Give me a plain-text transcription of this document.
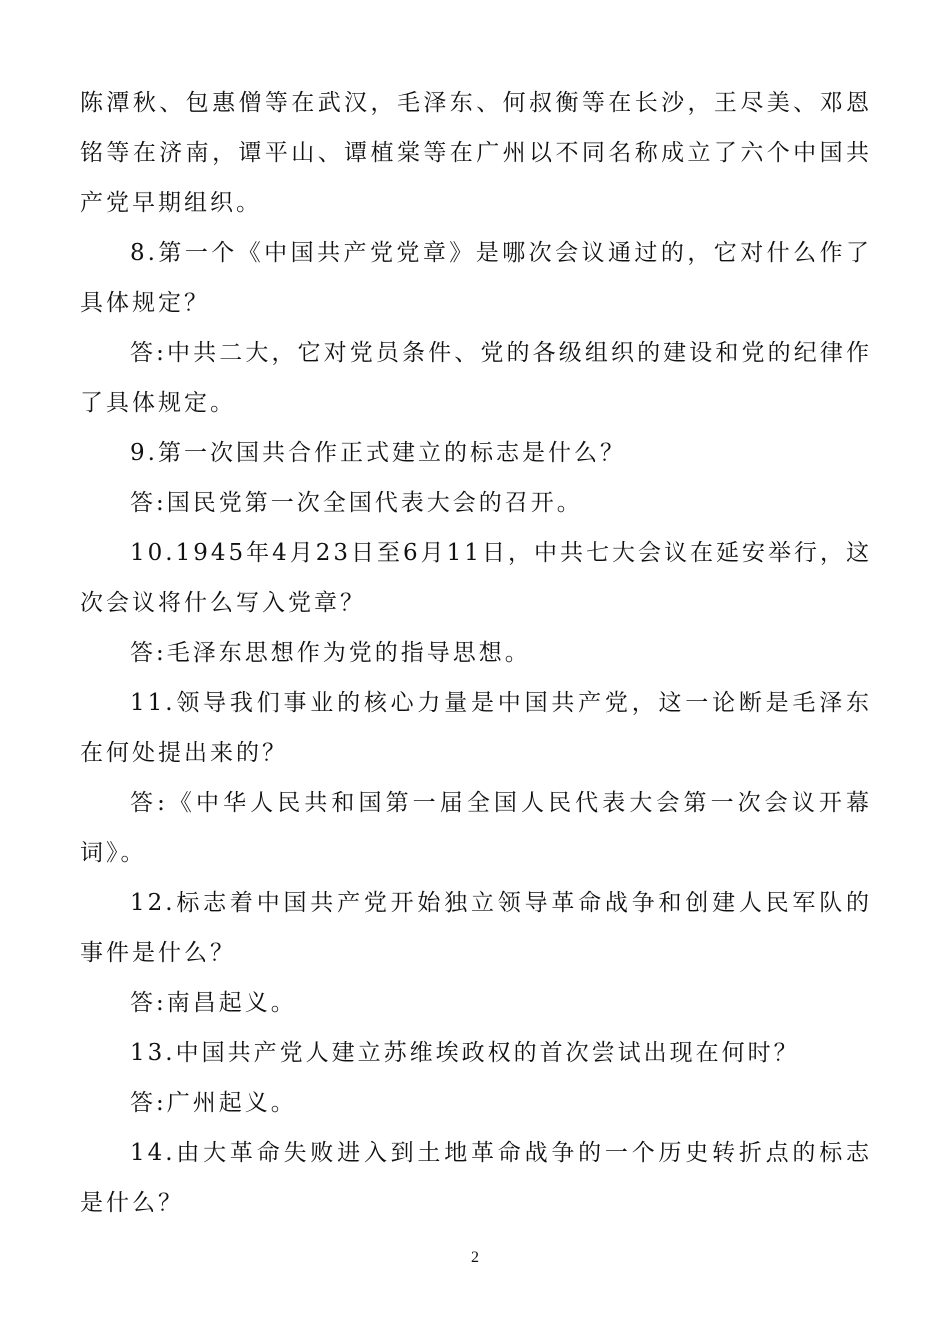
陈潭秋、包惠僧等在武汉，毛泽东、何叔衡等在长沙，王尽美、邓恩铭等在济南，谭平山、谭植棠等在广州以不同名称成立了六个中国共产党早期组织。

8.第一个《中国共产党党章》是哪次会议通过的，它对什么作了具体规定？

答:中共二大，它对党员条件、党的各级组织的建设和党的纪律作了具体规定。

9.第一次国共合作正式建立的标志是什么？

答:国民党第一次全国代表大会的召开。

10.1945年4月23日至6月11日，中共七大会议在延安举行，这次会议将什么写入党章？

答:毛泽东思想作为党的指导思想。

11.领导我们事业的核心力量是中国共产党，这一论断是毛泽东在何处提出来的？

答:《中华人民共和国第一届全国人民代表大会第一次会议开幕词》。

12.标志着中国共产党开始独立领导革命战争和创建人民军队的事件是什么？

答:南昌起义。

13.中国共产党人建立苏维埃政权的首次尝试出现在何时？

答:广州起义。

14.由大革命失败进入到土地革命战争的一个历史转折点的标志是什么？

2
